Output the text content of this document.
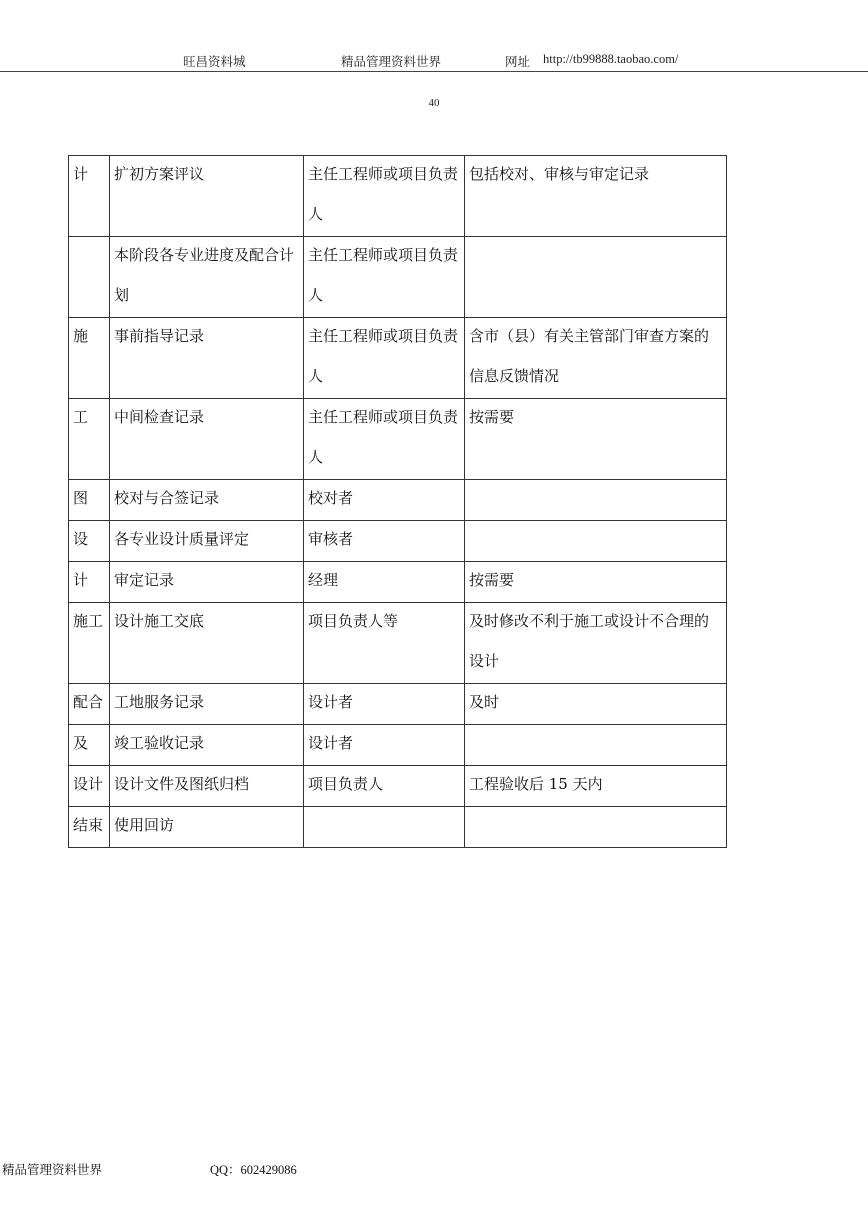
旺昌资料城	精品管理资料世界	网址 http://tb99888.taobao.com/
40
计	扩初方案评议	主任工程师或项目负责人	包括校对、审核与审定记录

	本阶段各专业进度及配合计划	主任工程师或项目负责人	

施	事前指导记录	主任工程师或项目负责人	含市（县）有关主管部门审查方案的信息反馈情况

工	中间检查记录	主任工程师或项目负责人	按需要

图	校对与合签记录	校对者	

设	各专业设计质量评定	审核者	

计	审定记录	经理	按需要

施工	设计施工交底	项目负责人等	及时修改不利于施工或设计不合理的设计

配合	工地服务记录	设计者	及时

及	竣工验收记录	设计者	

设计	设计文件及图纸归档	项目负责人	工程验收后 15 天内

结束	使用回访		

精品管理资料世界	QQ：602429086
